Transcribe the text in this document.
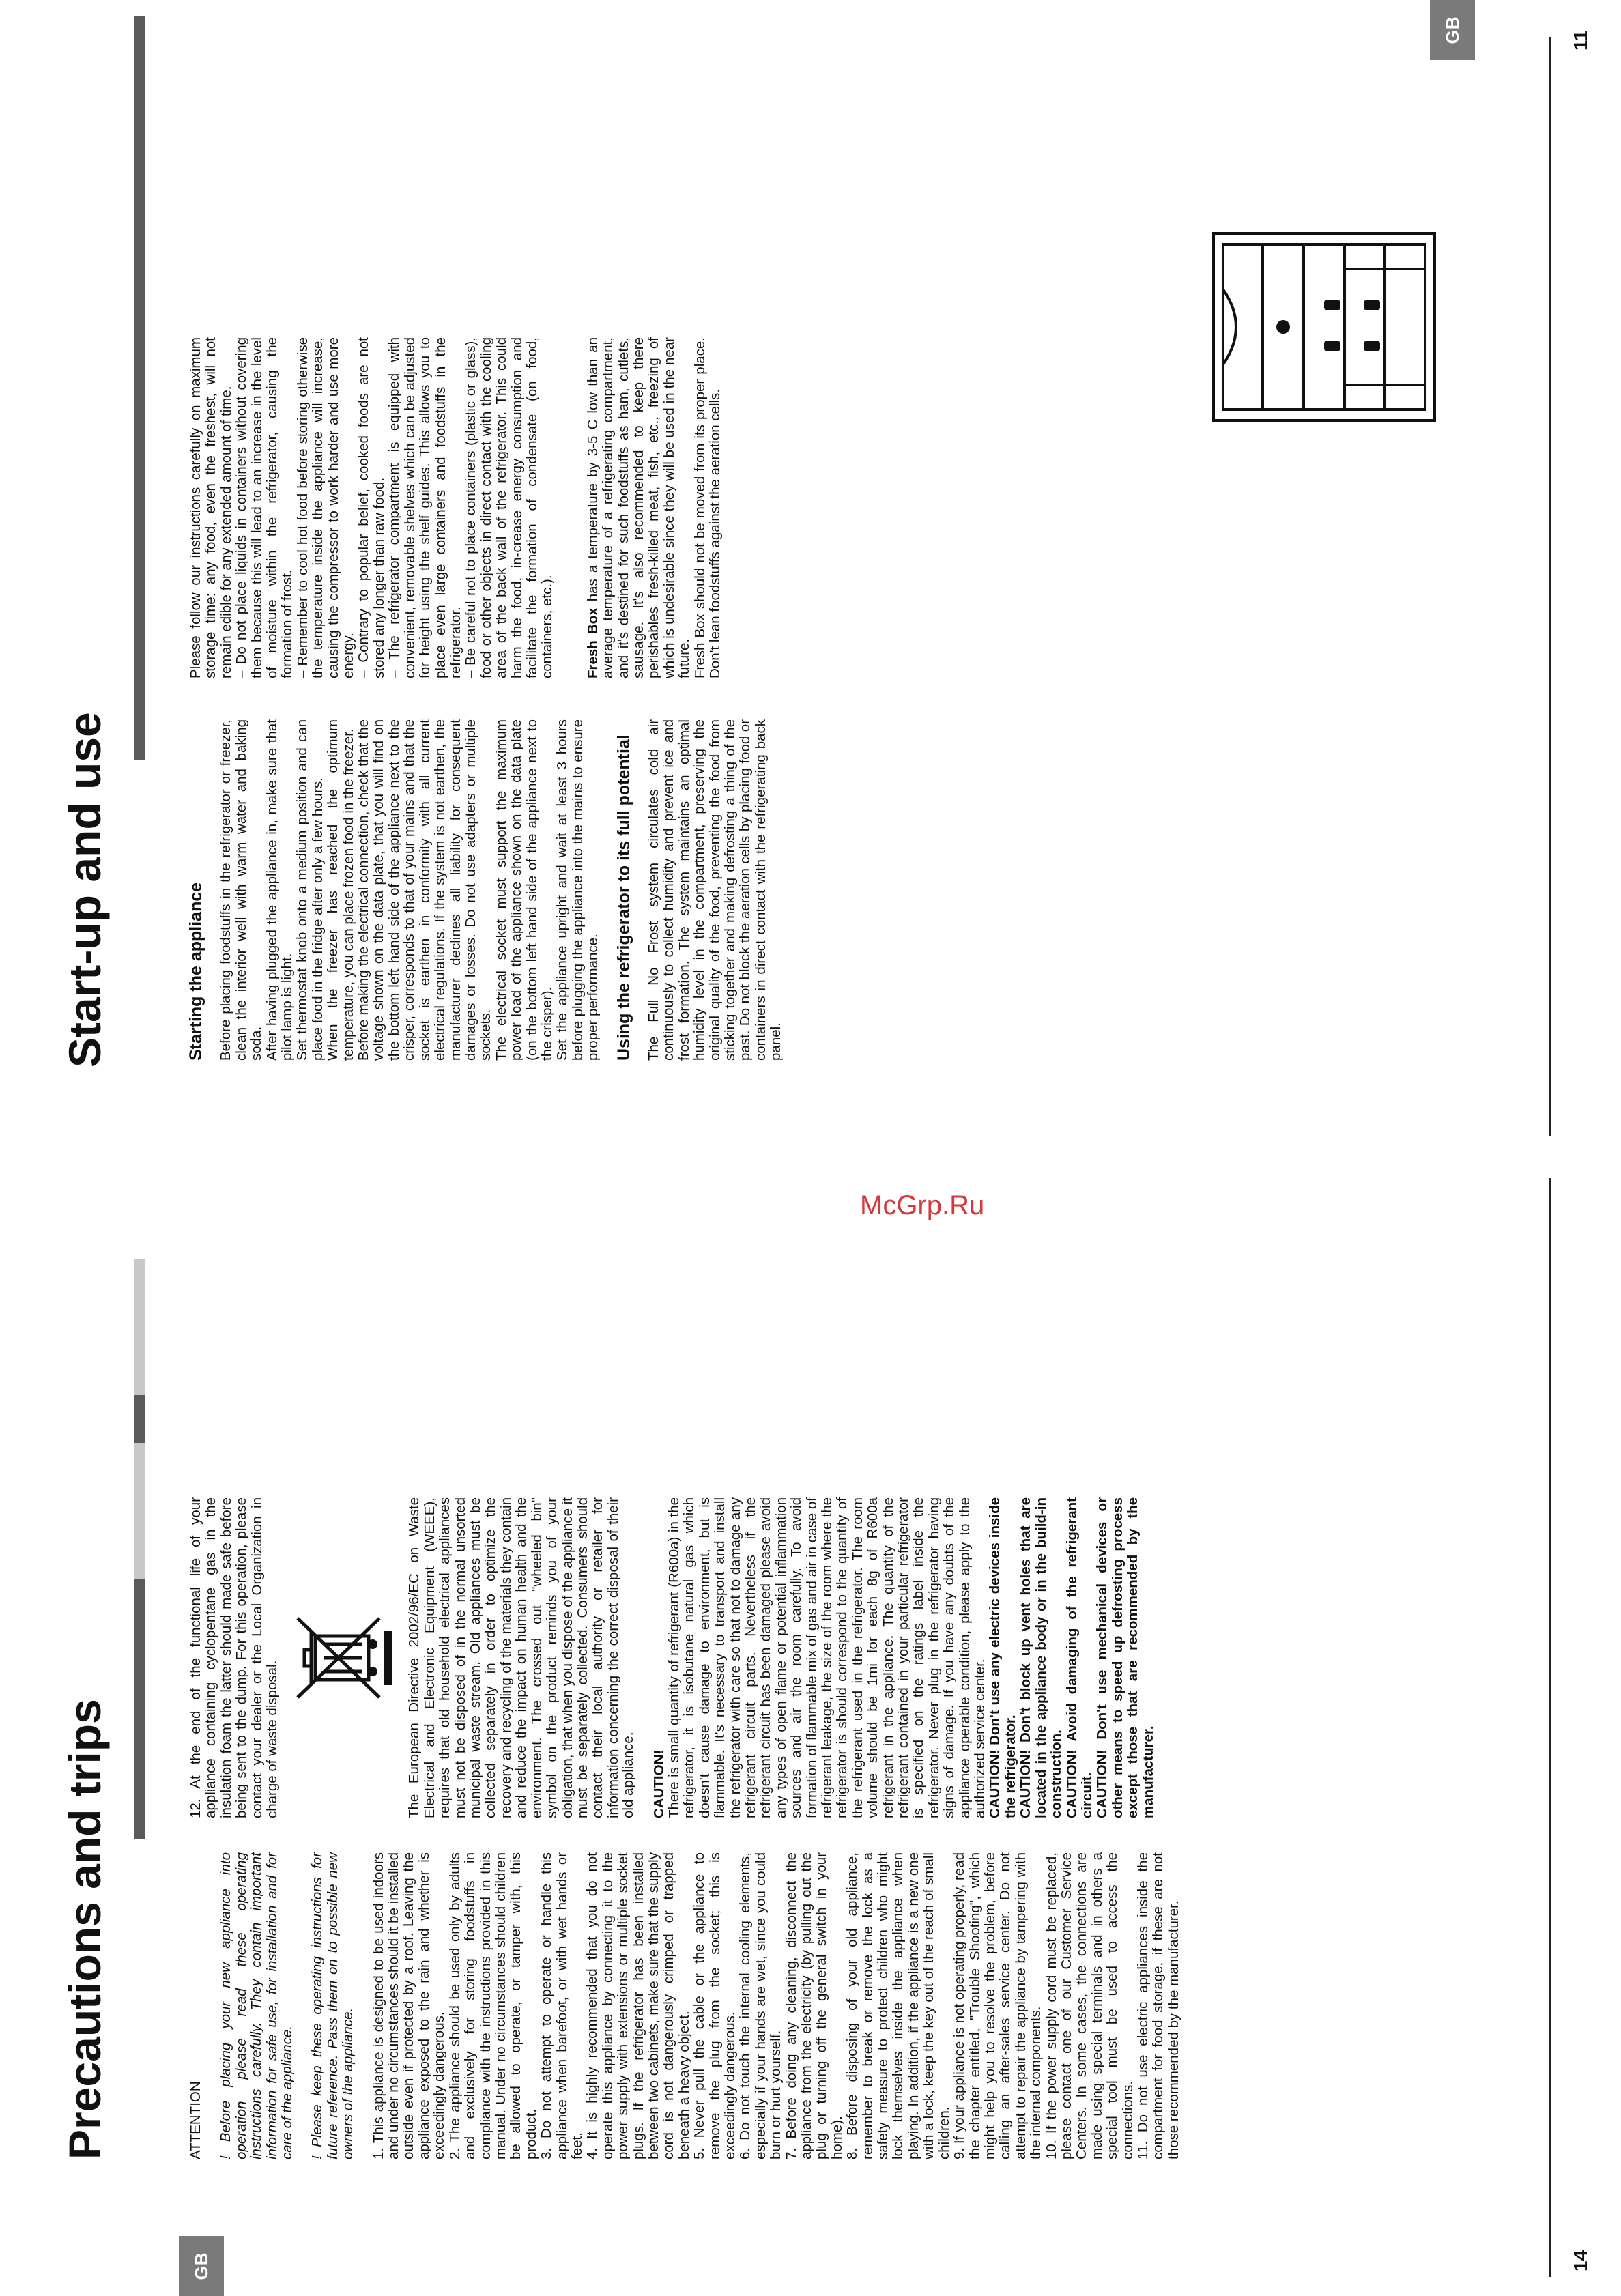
GB	14
Precautions and trips	ATTENTION ! Before placing your new appliance into operation please read these operating instructions carefully. They contain important information for safe use, for installation and for care of the appliance. ! Please keep these operating instructions for future reference. Pass them on to possible new owners of the appliance. 1. This appliance is designed to be used indoors and under no circumstances should it be installed outside even if protected by a roof. Leaving the appliance exposed to the rain and whether is exceedingly dangerous. 2. The appliance should be used only by adults and exclusively for storing foodstuffs in compliance with the instructions provided in this manual. Under no circumstances should children be allowed to operate, or tamper with, this product. 3. Do not attempt to operate or handle this appliance when barefoot, or with wet hands or feet. 4. It is highly recommended that you do not operate this appliance by connecting it to the power supply with extensions or multiple socket plugs. If the refrigerator has been installed between two cabinets, make sure that the supply cord is not dangerously crimped or trapped beneath a heavy object. 5. Never pull the cable or the appliance to remove the plug from the socket; this is exceedingly dangerous. 6. Do not touch the internal cooling elements, especially if your hands are wet, since you could burn or hurt yourself. 7. Before doing any cleaning, disconnect the appliance from the electricity (by pulling out the plug or turning off the general switch in your home). 8. Before disposing of your old appliance, remember to break or remove the lock as a safety measure to protect children who might lock themselves inside the appliance when playing. In addition, if the appliance is a new one with a lock, keep the key out of the reach of small children. 9. If your appliance is not operating properly, read the chapter entitled, "Trouble Shooting", which might help you to resolve the problem, before calling an after-sales service center. Do not attempt to repair the appliance by tampering with the internal components. 10. If the power supply cord must be replaced, please contact one of our Customer Service Centers. In some cases, the connections are made using special terminals and in others a special tool must be used to access the connections. 11. Do not use electric appliances inside the compartment for food storage, if these are not those recommended by the manufacturer.

12. At the end of the functional life of your appliance containing cyclopentane gas in the insulation foam the latter should made safe before being sent to the dump. For this operation, please contact your dealer or the Local Organization in charge of waste disposal.	The European Directive 2002/96/EC on Waste Electrical and Electronic Equipment (WEEE), requires that old household electrical appliances must not be disposed of in the normal unsorted municipal waste stream. Old appliances must be collected separately in order to optimize the recovery and recycling of the materials they contain and reduce the impact on human health and the environment. The crossed out "wheeled bin" symbol on the product reminds you of your obligation, that when you dispose of the appliance it must be separately collected. Consumers should contact their local authority or retailer for information concerning the correct disposal of their old appliance. CAUTION! There is small quantity of refrigerant (R600a) in the refrigerator, it is isobutane natural gas which doesn't cause damage to environment, but is flammable. It's necessary to transport and install the refrigerator with care so that not to damage any refrigerant circuit parts. Nevertheless if the refrigerant circuit has been damaged please avoid any types of open flame or potential inflammation sources and air the room carefully. To avoid formation of flammable mix of gas and air in case of refrigerant leakage, the size of the room where the refrigerator is should correspond to the quantity of the refrigerant used in the refrigerator. The room volume should be 1mi for each 8g of R600a refrigerant in the appliance. The quantity of the refrigerant contained in your particular refrigerator is specified on the ratings label inside the refrigerator. Never plug in the refrigerator having signs of damage. If you have any doubts of the appliance operable condition, please apply to the authorized service center. CAUTION! Don't use any electric devices inside the refrigerator. CAUTION! Don't block up vent holes that are located in the appliance body or in the build-in construction. CAUTION! Avoid damaging of the refrigerant circuit. CAUTION! Don't use mechanical devices or other means to speed up defrosting process except those that are recommended by the manufacturer.

GB	11
Start-up and use	Starting the appliance Before placing foodstuffs in the refrigerator or freezer, clean the interior well with warm water and baking soda. After having plugged the appliance in, make sure that pilot lamp is light. Set thermostat knob onto a medium position and can place food in the fridge after only a few hours. When the freezer has reached the optimum temperature, you can place frozen food in the freezer. Before making the electrical connection, check that the voltage shown on the data plate, that you will find on the bottom left hand side of the appliance next to the crisper, corresponds to that of your mains and that the socket is earthen in conformity with all current electrical regulations. If the system is not earthen, the manufacturer declines all liability for consequent damages or losses. Do not use adapters or multiple sockets. The electrical socket must support the maximum power load of the appliance shown on the data plate (on the bottom left hand side of the appliance next to the crisper). Set the appliance upright and wait at least 3 hours before plugging the appliance into the mains to ensure proper performance. Using the refrigerator to its full potential The Full No Frost system circulates cold air continuously to collect humidity and prevent ice and frost formation. The system maintains an optimal humidity level in the compartment, preserving the original quality of the food, preventing the food from sticking together and making defrosting a thing of the past. Do not block the aeration cells by placing food or containers in direct contact with the refrigerating back panel.

Please follow our instructions carefully on maximum storage time: any food, even the freshest, will not remain edible for any extended amount of time. – Do not place liquids in containers without covering them because this will lead to an increase in the level of moisture within the refrigerator, causing the formation of frost. – Remember to cool hot food before storing otherwise the temperature inside the appliance will increase, causing the compressor to work harder and use more energy. – Contrary to popular belief, cooked foods are not stored any longer than raw food. – The refrigerator compartment is equipped with convenient, removable shelves which can be adjusted for height using the shelf guides. This allows you to place even large containers and foodstuffs in the refrigerator. – Be careful not to place containers (plastic or glass), food or other objects in direct contact with the cooling area of the back wall of the refrigerator. This could harm the food, in-crease energy consumption and facilitate the formation of condensate (on food, containers, etc.). Fresh Box has a temperature by 3-5 C low than an average temperature of a refrigerating compartment, and it's destined for such foodstuffs as ham, cutlets, sausage. It's also recommended to keep there perishables fresh-killed meat, fish, etc., freezing of which is undesirable since they will be used in the near future. Fresh Box should not be moved from its proper place. Don't lean foodstuffs against the aeration cells.

McGrp.Ru
